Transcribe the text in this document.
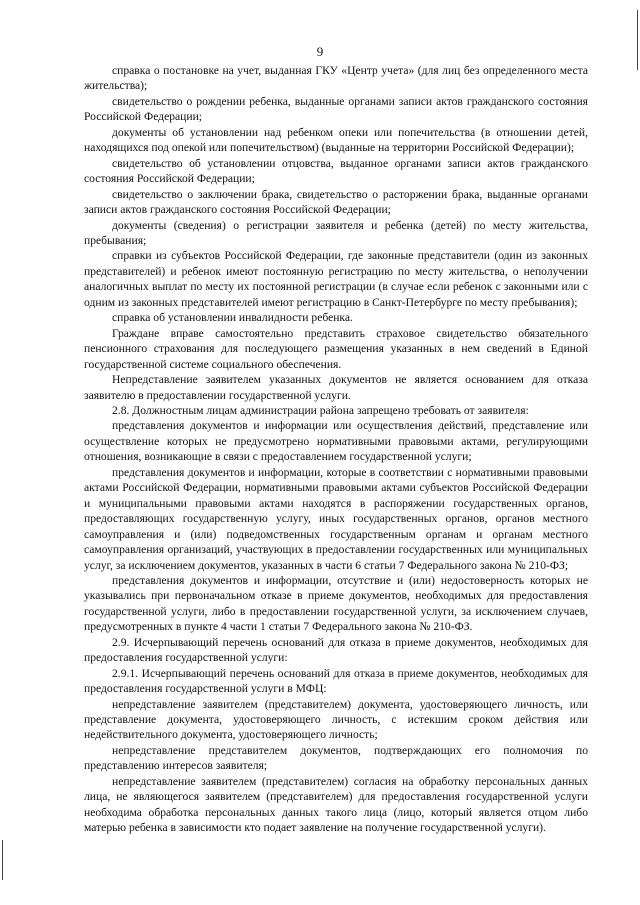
9

справка о постановке на учет, выданная ГКУ «Центр учета» (для лиц без определенного места жительства);

свидетельство о рождении ребенка, выданные органами записи актов гражданского состояния Российской Федерации;

документы об установлении над ребенком опеки или попечительства (в отношении детей, находящихся под опекой или попечительством) (выданные на территории Российской Федерации);

свидетельство об установлении отцовства, выданное органами записи актов гражданского состояния Российской Федерации;

свидетельство о заключении брака, свидетельство о расторжении брака, выданные органами записи актов гражданского состояния Российской Федерации;

документы (сведения) о регистрации заявителя и ребенка (детей) по месту жительства, пребывания;

справки из субъектов Российской Федерации, где законные представители (один из законных представителей) и ребенок имеют постоянную регистрацию по месту жительства, о неполучении аналогичных выплат по месту их постоянной регистрации (в случае если ребенок с законными или с одним из законных представителей имеют регистрацию в Санкт-Петербурге по месту пребывания);

справка об установлении инвалидности ребенка.

Граждане вправе самостоятельно представить страховое свидетельство обязательного пенсионного страхования для последующего размещения указанных в нем сведений в Единой государственной системе социального обеспечения.

Непредставление заявителем указанных документов не является основанием для отказа заявителю в предоставлении государственной услуги.

2.8. Должностным лицам администрации района запрещено требовать от заявителя:

представления документов и информации или осуществления действий, представление или осуществление которых не предусмотрено нормативными правовыми актами, регулирующими отношения, возникающие в связи с предоставлением государственной услуги;

представления документов и информации, которые в соответствии с нормативными правовыми актами Российской Федерации, нормативными правовыми актами субъектов Российской Федерации и муниципальными правовыми актами находятся в распоряжении государственных органов, предоставляющих государственную услугу, иных государственных органов, органов местного самоуправления и (или) подведомственных государственным органам и органам местного самоуправления организаций, участвующих в предоставлении государственных или муниципальных услуг, за исключением документов, указанных в части 6 статьи 7 Федерального закона № 210-ФЗ;

представления документов и информации, отсутствие и (или) недостоверность которых не указывались при первоначальном отказе в приеме документов, необходимых для предоставления государственной услуги, либо в предоставлении государственной услуги, за исключением случаев, предусмотренных в пункте 4 части 1 статьи 7 Федерального закона № 210-ФЗ.

2.9. Исчерпывающий перечень оснований для отказа в приеме документов, необходимых для предоставления государственной услуги:

2.9.1. Исчерпывающий перечень оснований для отказа в приеме документов, необходимых для предоставления государственной услуги в МФЦ:

непредставление заявителем (представителем) документа, удостоверяющего личность, или представление документа, удостоверяющего личность, с истекшим сроком действия или недействительного документа, удостоверяющего личность;

непредставление представителем документов, подтверждающих его полномочия по представлению интересов заявителя;

непредставление заявителем (представителем) согласия на обработку персональных данных лица, не являющегося заявителем (представителем) для предоставления государственной услуги необходима обработка персональных данных такого лица (лицо, который является отцом либо матерью ребенка в зависимости кто подает заявление на получение государственной услуги).
